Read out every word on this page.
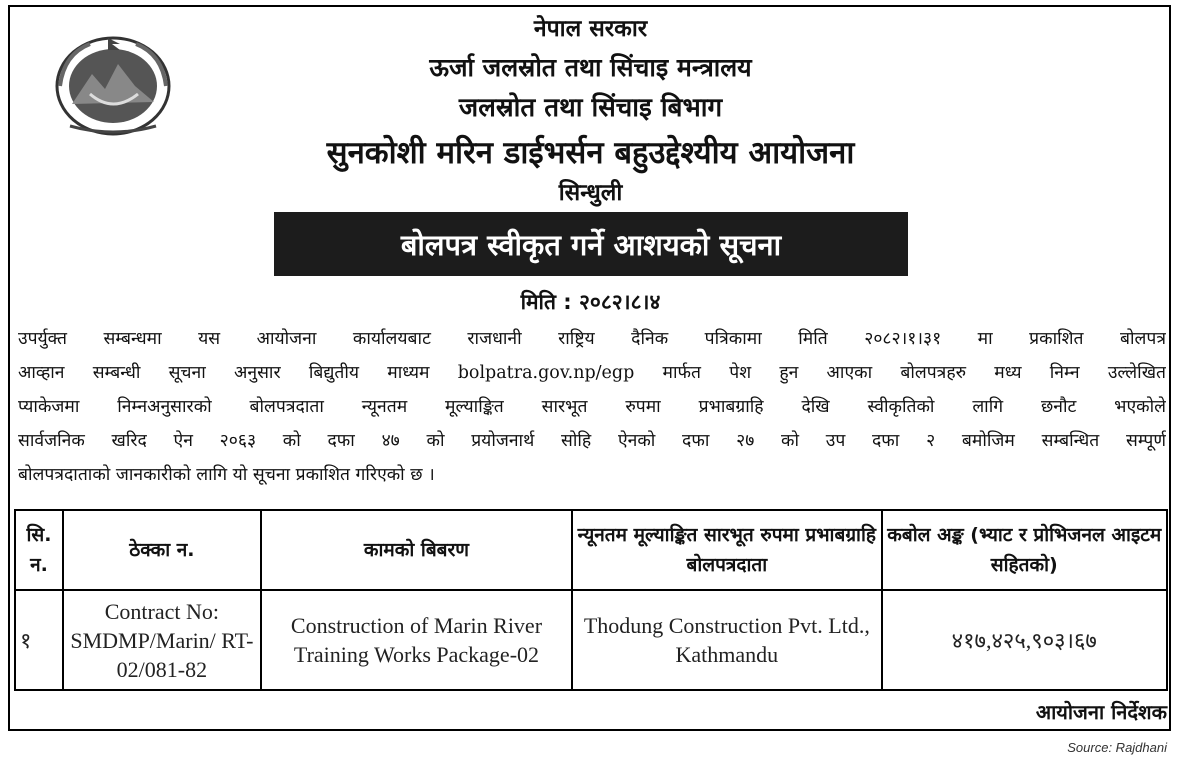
नेपाल सरकार
ऊर्जा जलस्रोत तथा सिंचाइ मन्त्रालय
जलस्रोत तथा सिंचाइ बिभाग
सुनकोशी मरिन डाईभर्सन बहुउद्देश्यीय आयोजना
सिन्धुली
बोलपत्र स्वीकृत गर्ने आशयको सूचना
मिति : २०८२।८।४
उपर्युक्त सम्बन्धमा यस आयोजना कार्यालयबाट राजधानी राष्ट्रिय दैनिक पत्रिकामा मिति २०८२।१।३१ मा प्रकाशित बोलपत्र
आव्हान सम्बन्धी सूचना अनुसार बिद्युतीय माध्यम bolpatra.gov.np/egp मार्फत पेश हुन आएका बोलपत्रहरु मध्य निम्न उल्लेखित
प्याकेजमा निम्नअनुसारको बोलपत्रदाता न्यूनतम मूल्याङ्कित सारभूत रुपमा प्रभाबग्राहि देखि स्वीकृतिको लागि छनौट भएकोले
सार्वजनिक खरिद ऐन २०६३ को दफा ४७ को प्रयोजनार्थ सोहि ऐनको दफा २७ को उप दफा २ बमोजिम सम्बन्धित सम्पूर्ण
बोलपत्रदाताको जानकारीको लागि यो सूचना प्रकाशित गरिएको छ ।
सि. न.	ठेक्का न.	कामको बिबरण	न्यूनतम मूल्याङ्कित सारभूत रुपमा प्रभाबग्राहि बोलपत्रदाता	कबोल अङ्क (भ्याट र प्रोभिजनल आइटम सहितको)
१	Contract No: SMDMP/Marin/ RT-02/081-82	Construction of Marin River Training Works Package-02	Thodung Construction Pvt. Ltd., Kathmandu	४१७,४२५,९०३।६७
आयोजना निर्देशक
Source: Rajdhani
